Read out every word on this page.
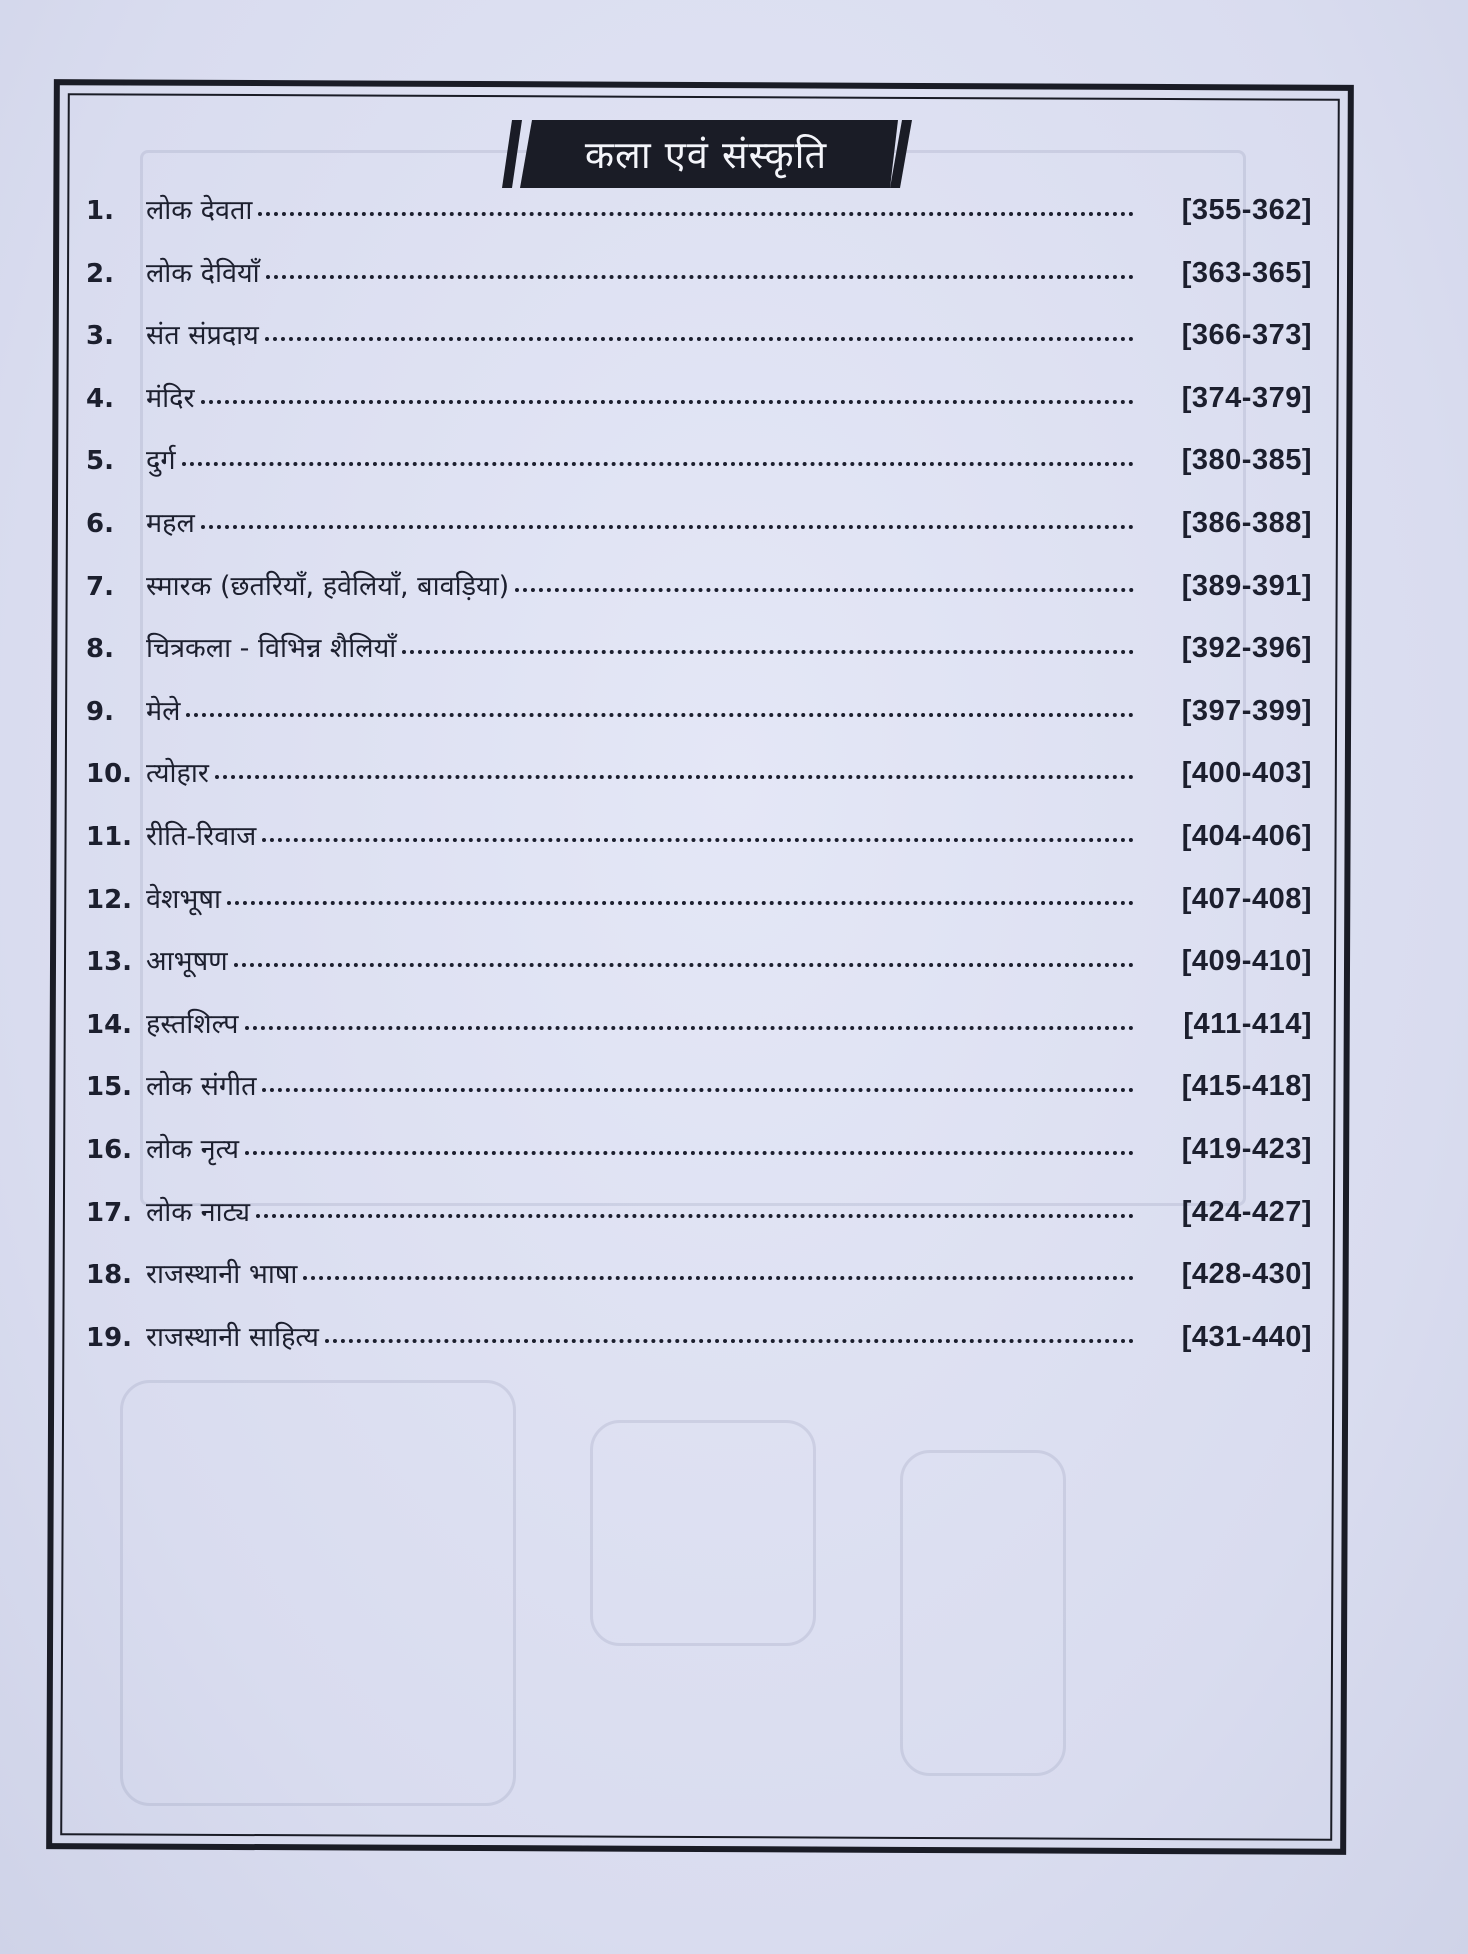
कला एवं संस्कृति
1.	लोक देवता	[355-362]
2.	लोक देवियाँ	[363-365]
3.	संत संप्रदाय	[366-373]
4.	मंदिर	[374-379]
5.	दुर्ग	[380-385]
6.	महल	[386-388]
7.	स्मारक (छतरियाँ, हवेलियाँ, बावड़िया)	[389-391]
8.	चित्रकला - विभिन्न शैलियाँ	[392-396]
9.	मेले	[397-399]
10. त्योहार	[400-403]
11. रीति-रिवाज	[404-406]
12. वेशभूषा	[407-408]
13. आभूषण	[409-410]
14. हस्तशिल्प	[411-414]
15. लोक संगीत	[415-418]
16. लोक नृत्य	[419-423]
17. लोक नाट्य	[424-427]
18. राजस्थानी भाषा	[428-430]
19. राजस्थानी साहित्य	[431-440]
